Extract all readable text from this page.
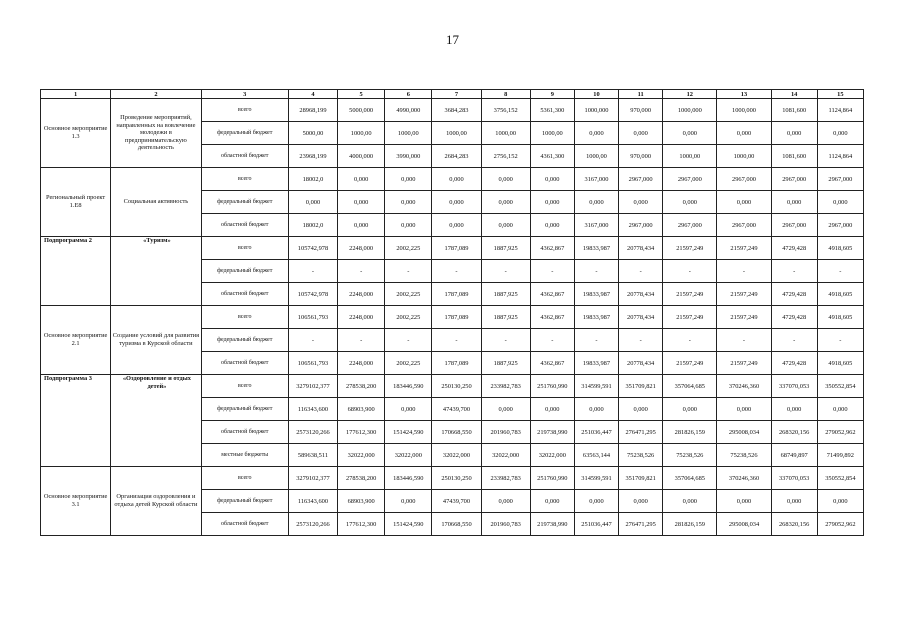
17
1	2	3	4	5	6	7	8	9	10	11	12	13	14	15
Основное мероприятие 1.3	Проведение мероприятий, направленных на вовлечение молодежи в предпринимательскую деятельность	всего	28968,199	5000,000	4990,000	3684,283	3756,152	5361,300	1000,000	970,000	1000,000	1000,000	1081,600	1124,864
		федеральный бюджет	5000,00	1000,00	1000,00	1000,00	1000,00	1000,00	0,000	0,000	0,000	0,000	0,000	0,000
		областной бюджет	23968,199	4000,000	3990,000	2684,283	2756,152	4361,300	1000,00	970,000	1000,00	1000,00	1081,600	1124,864
Региональный проект 1.Е8	Социальная активность	всего	18002,0	0,000	0,000	0,000	0,000	0,000	3167,000	2967,000	2967,000	2967,000	2967,000	2967,000
		федеральный бюджет	0,000	0,000	0,000	0,000	0,000	0,000	0,000	0,000	0,000	0,000	0,000	0,000
		областной бюджет	18002,0	0,000	0,000	0,000	0,000	0,000	3167,000	2967,000	2967,000	2967,000	2967,000	2967,000
Подпрограмма 2	«Туризм»	всего	105742,978	2248,000	2002,225	1787,089	1887,925	4362,867	19833,987	20778,434	21597,249	21597,249	4729,428	4918,605
		федеральный бюджет	-	-	-	-	-	-	-	-	-	-	-	-
		областной бюджет	105742,978	2248,000	2002,225	1787,089	1887,925	4362,867	19833,987	20778,434	21597,249	21597,249	4729,428	4918,605
Основное мероприятие 2.1	Создание условий для развития туризма в Курской области	всего	106561,793	2248,000	2002,225	1787,089	1887,925	4362,867	19833,987	20778,434	21597,249	21597,249	4729,428	4918,605
		федеральный бюджет	-	-	-	-	-	-	-	-	-	-	-	-
		областной бюджет	106561,793	2248,000	2002,225	1787,089	1887,925	4362,867	19833,987	20778,434	21597,249	21597,249	4729,428	4918,605
Подпрограмма 3	«Оздоровление и отдых детей»	всего	3279102,377	278538,200	183446,590	250130,250	233982,783	251760,990	314599,591	351709,821	357064,685	370246,360	337070,053	350552,854
		федеральный бюджет	116343,600	68903,900	0,000	47439,700	0,000	0,000	0,000	0,000	0,000	0,000	0,000	0,000
		областной бюджет	2573120,266	177612,300	151424,590	170668,550	201960,783	219738,990	251036,447	276471,295	281826,159	295008,034	268320,156	279052,962
		местные бюджеты	589638,511	32022,000	32022,000	32022,000	32022,000	32022,000	63563,144	75238,526	75238,526	75238,526	68749,897	71499,892
Основное мероприятие 3.1	Организация оздоровления и отдыха детей Курской области	всего	3279102,377	278538,200	183446,590	250130,250	233982,783	251760,990	314599,591	351709,821	357064,685	370246,360	337070,053	350552,854
		федеральный бюджет	116343,600	68903,900	0,000	47439,700	0,000	0,000	0,000	0,000	0,000	0,000	0,000	0,000
		областной бюджет	2573120,266	177612,300	151424,590	170668,550	201960,783	219738,990	251036,447	276471,295	281826,159	295008,034	268320,156	279052,962
